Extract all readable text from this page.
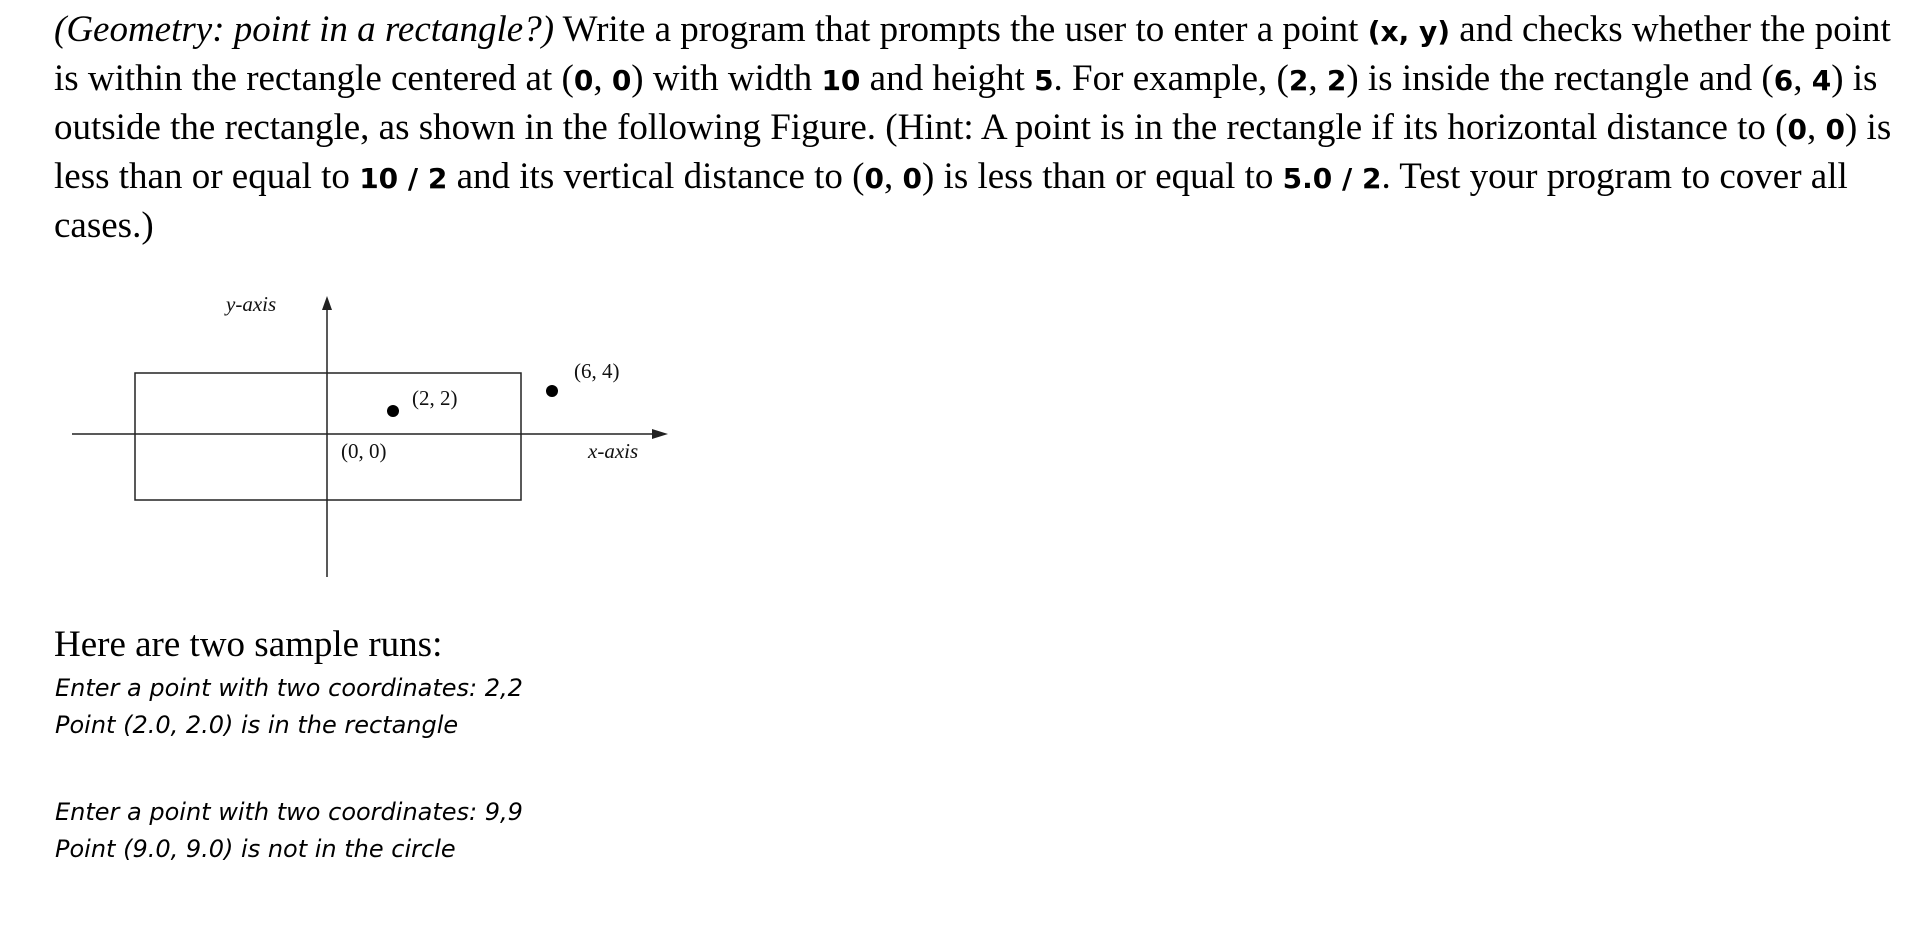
(Geometry: point in a rectangle?) Write a program that prompts the user to enter a point (x, y) and checks whether the point is within the rectangle centered at (0, 0) with width 10 and height 5. For example, (2, 2) is inside the rectangle and (6, 4) is outside the rectangle, as shown in the following Figure. (Hint: A point is in the rectangle if its horizontal distance to (0, 0) is less than or equal to 10 / 2 and its vertical distance to (0, 0) is less than or equal to 5.0 / 2. Test your program to cover all cases.)

y-axis
x-axis
(0, 0)
(2, 2)
(6, 4)

Here are two sample runs:

Enter a point with two coordinates: 2,2
Point (2.0, 2.0) is in the rectangle

Enter a point with two coordinates: 9,9
Point (9.0, 9.0) is not in the circle
